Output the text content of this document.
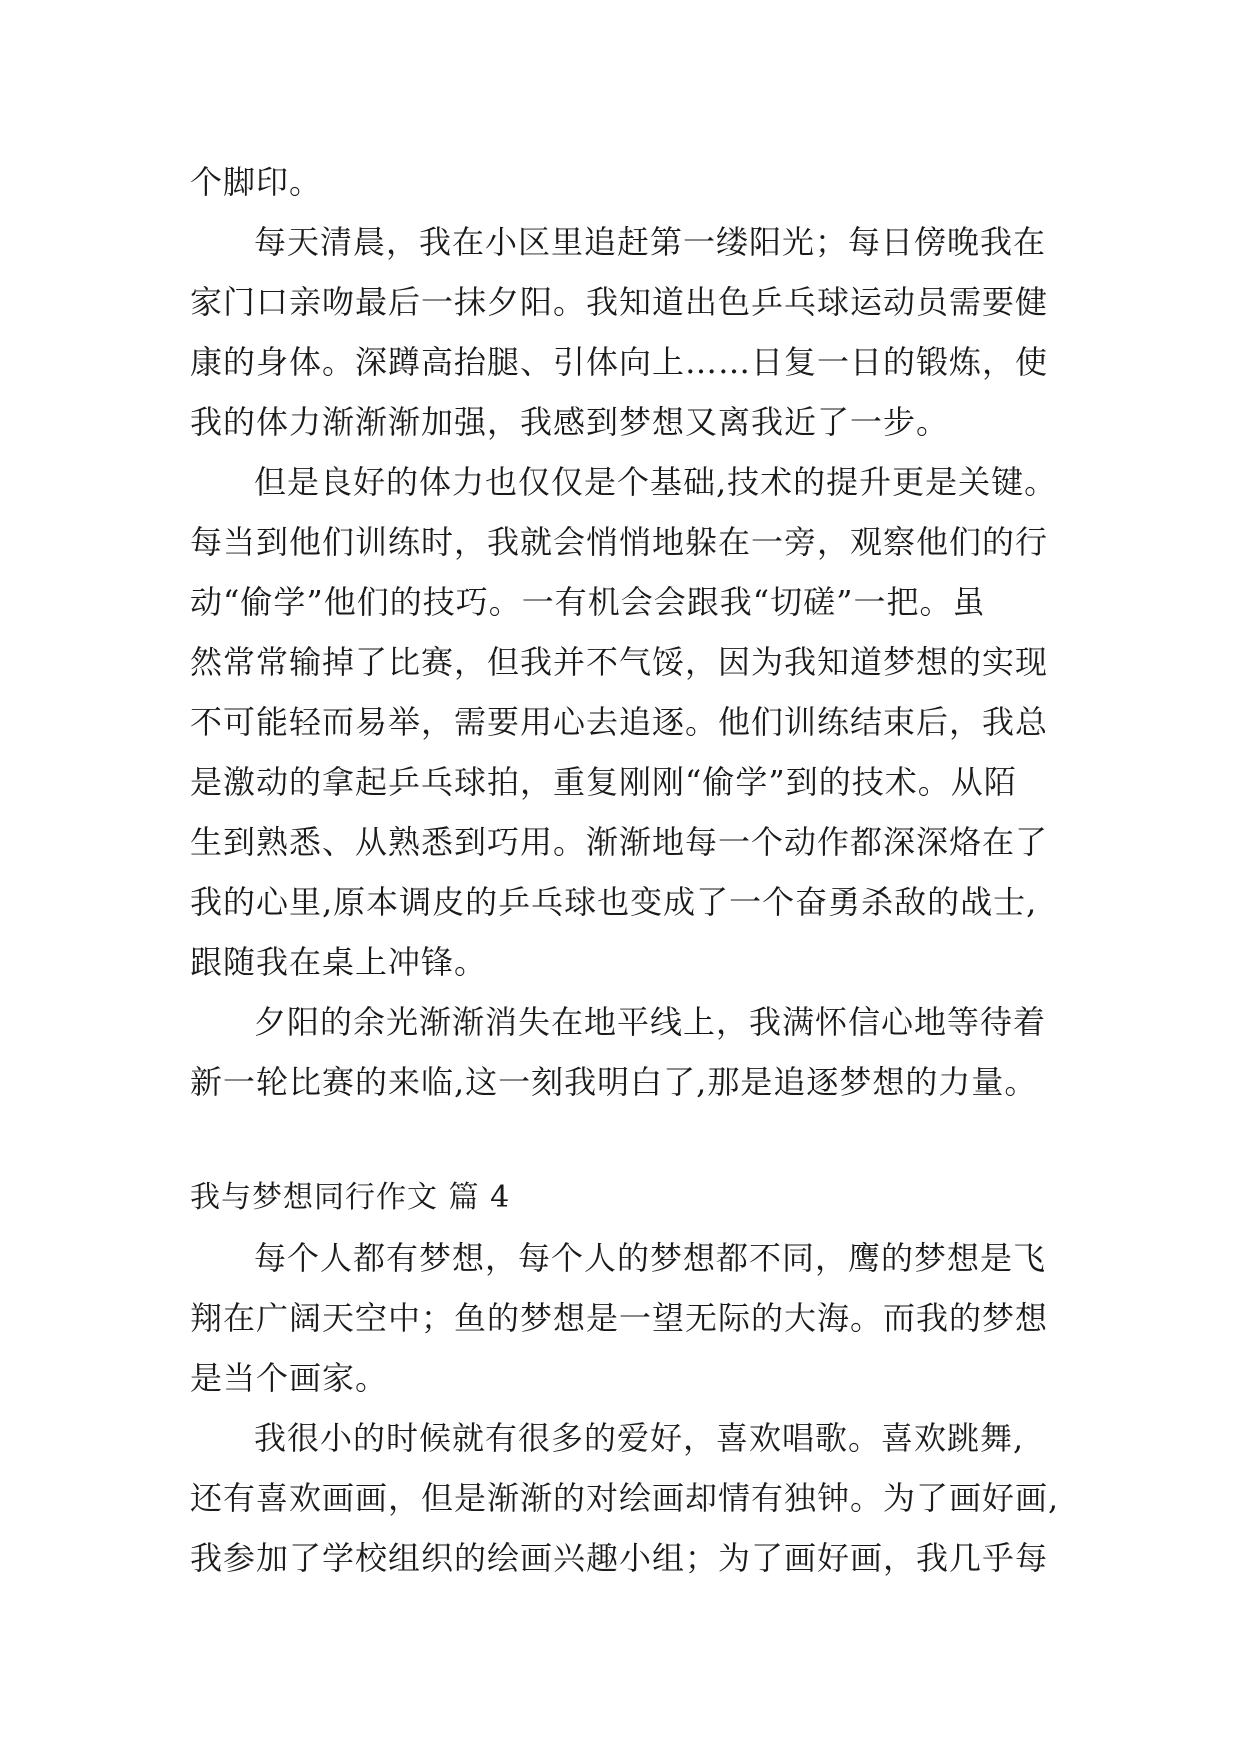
个脚印。
每天清晨，我在小区里追赶第一缕阳光；每日傍晚我在
家门口亲吻最后一抹夕阳。我知道出色乒乓球运动员需要健
康的身体。深蹲高抬腿、引体向上……日复一日的锻炼，使
我的体力渐渐渐加强，我感到梦想又离我近了一步。
但是良好的体力也仅仅是个基础,技术的提升更是关键。
每当到他们训练时，我就会悄悄地躲在一旁，观察他们的行
动“偷学”他们的技巧。一有机会会跟我“切磋”一把。虽
然常常输掉了比赛，但我并不气馁，因为我知道梦想的实现
不可能轻而易举，需要用心去追逐。他们训练结束后，我总
是激动的拿起乒乓球拍，重复刚刚“偷学”到的技术。从陌
生到熟悉、从熟悉到巧用。渐渐地每一个动作都深深烙在了
我的心里,原本调皮的乒乓球也变成了一个奋勇杀敌的战士,
跟随我在桌上冲锋。
夕阳的余光渐渐消失在地平线上，我满怀信心地等待着
新一轮比赛的来临,这一刻我明白了,那是追逐梦想的力量。
我与梦想同行作文 篇 4
每个人都有梦想，每个人的梦想都不同，鹰的梦想是飞
翔在广阔天空中；鱼的梦想是一望无际的大海。而我的梦想
是当个画家。
我很小的时候就有很多的爱好，喜欢唱歌。喜欢跳舞,
还有喜欢画画，但是渐渐的对绘画却情有独钟。为了画好画,
我参加了学校组织的绘画兴趣小组；为了画好画，我几乎每
